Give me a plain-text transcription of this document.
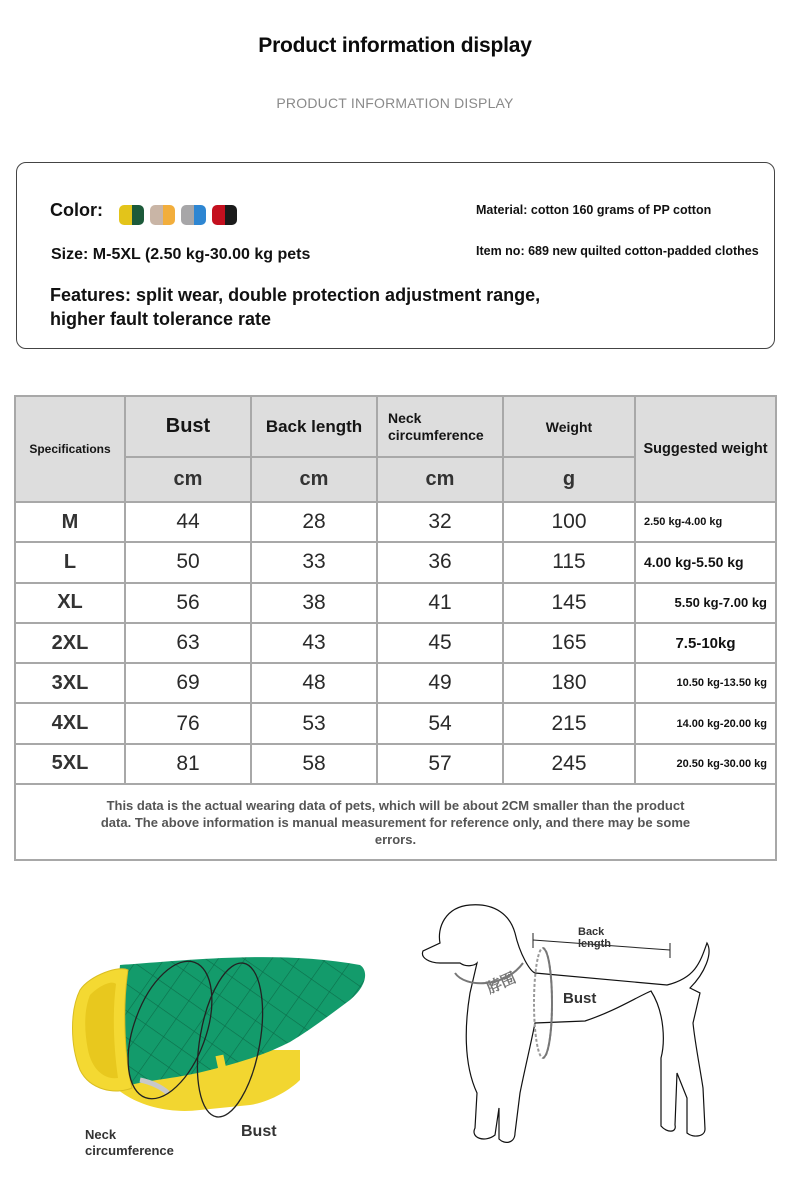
Product information display
PRODUCT INFORMATION DISPLAY
Color:
Size: M-5XL (2.50 kg-30.00 kg pets
Features: split wear, double protection adjustment range, higher fault tolerance rate
Material: cotton 160 grams of PP cotton
Item no: 689 new quilted cotton-padded clothes
Specifications	Bust	Back length	Neck circumference	Weight	Suggested weight
	cm	cm	cm	g	
M	44	28	32	100	2.50 kg-4.00 kg
L	50	33	36	115	4.00 kg-5.50 kg
XL	56	38	41	145	5.50 kg-7.00 kg
2XL	63	43	45	165	7.5-10kg
3XL	69	48	49	180	10.50 kg-13.50 kg
4XL	76	53	54	215	14.00 kg-20.00 kg
5XL	81	58	57	245	20.50 kg-30.00 kg
This data is the actual wearing data of pets, which will be about 2CM smaller than the product data. The above information is manual measurement for reference only, and there may be some errors.					
Neck circumference
Bust
Back length
Bust
脖围
